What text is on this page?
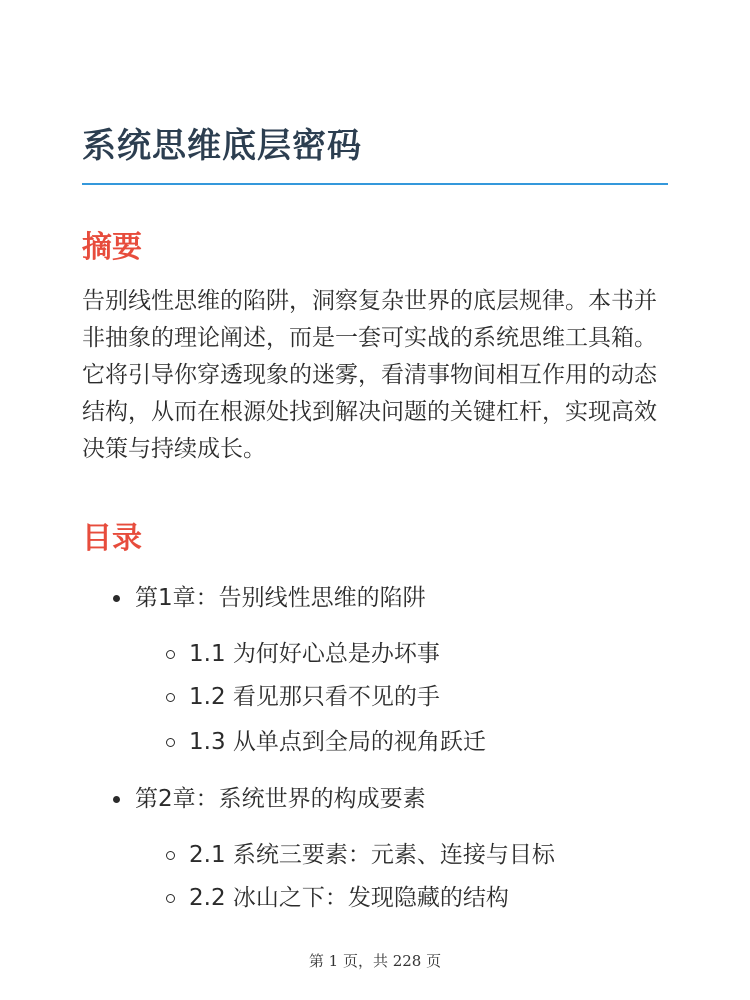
系统思维底层密码
摘要

告别线性思维的陷阱，洞察复杂世界的底层规律。本书并非抽象的理论阐述，而是一套可实战的系统思维工具箱。它将引导你穿透现象的迷雾，看清事物间相互作用的动态结构，从而在根源处找到解决问题的关键杠杆，实现高效决策与持续成长。

目录
第1章：告别线性思维的陷阱
1.1 为何好心总是办坏事
1.2 看见那只看不见的手
1.3 从单点到全局的视角跃迁
第2章：系统世界的构成要素
2.1 系统三要素：元素、连接与目标
2.2 冰山之下：发现隐藏的结构
第 1 页，共 228 页
